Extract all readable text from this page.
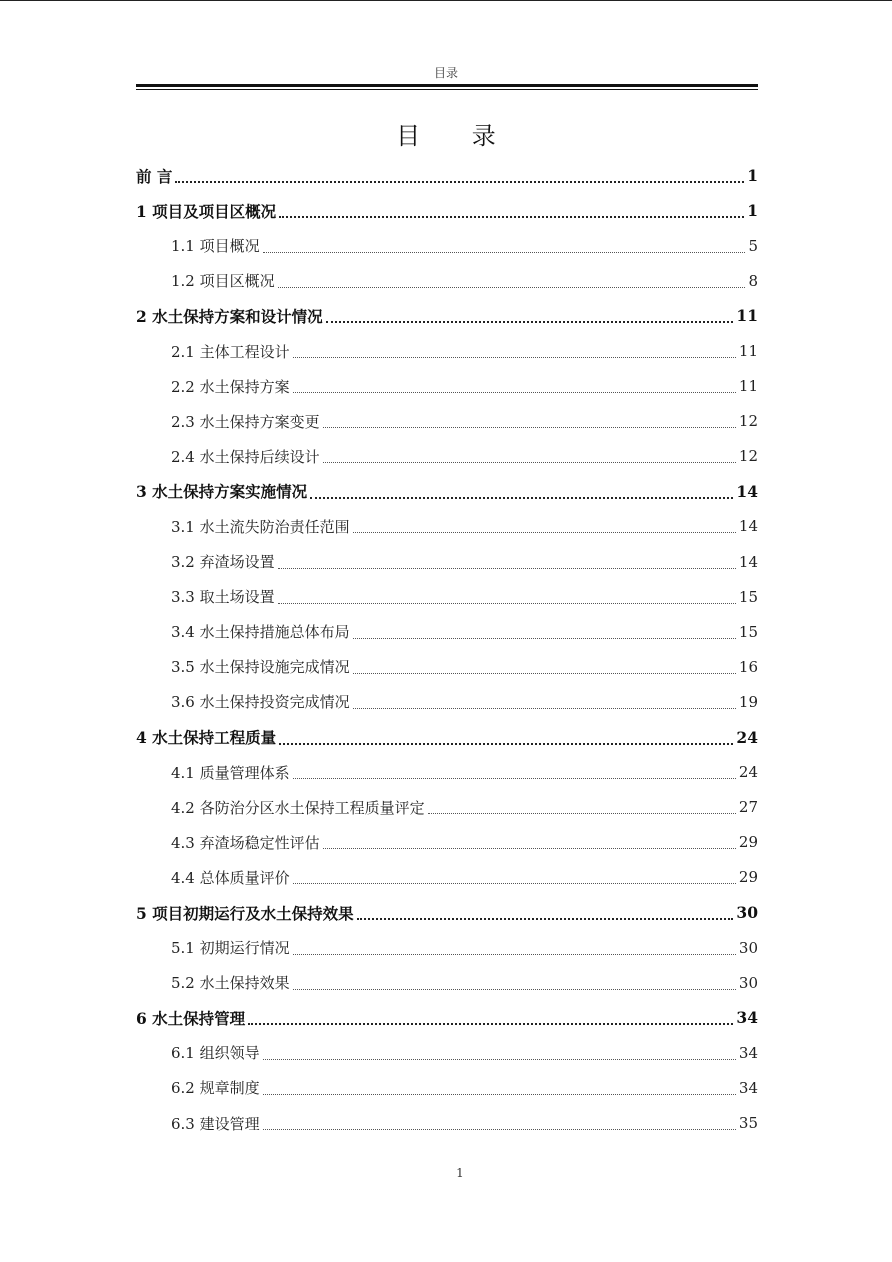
目录
目 录
前 言	1
1 项目及项目区概况	1
1.1 项目概况	5
1.2 项目区概况	8
2 水土保持方案和设计情况	11
2.1 主体工程设计	11
2.2 水土保持方案	11
2.3 水土保持方案变更	12
2.4 水土保持后续设计	12
3 水土保持方案实施情况	14
3.1 水土流失防治责任范围	14
3.2 弃渣场设置	14
3.3 取土场设置	15
3.4 水土保持措施总体布局	15
3.5 水土保持设施完成情况	16
3.6 水土保持投资完成情况	19
4 水土保持工程质量	24
4.1 质量管理体系	24
4.2 各防治分区水土保持工程质量评定	27
4.3 弃渣场稳定性评估	29
4.4 总体质量评价	29
5 项目初期运行及水土保持效果	30
5.1 初期运行情况	30
5.2 水土保持效果	30
6 水土保持管理	34
6.1 组织领导	34
6.2 规章制度	34
6.3 建设管理	35
1
